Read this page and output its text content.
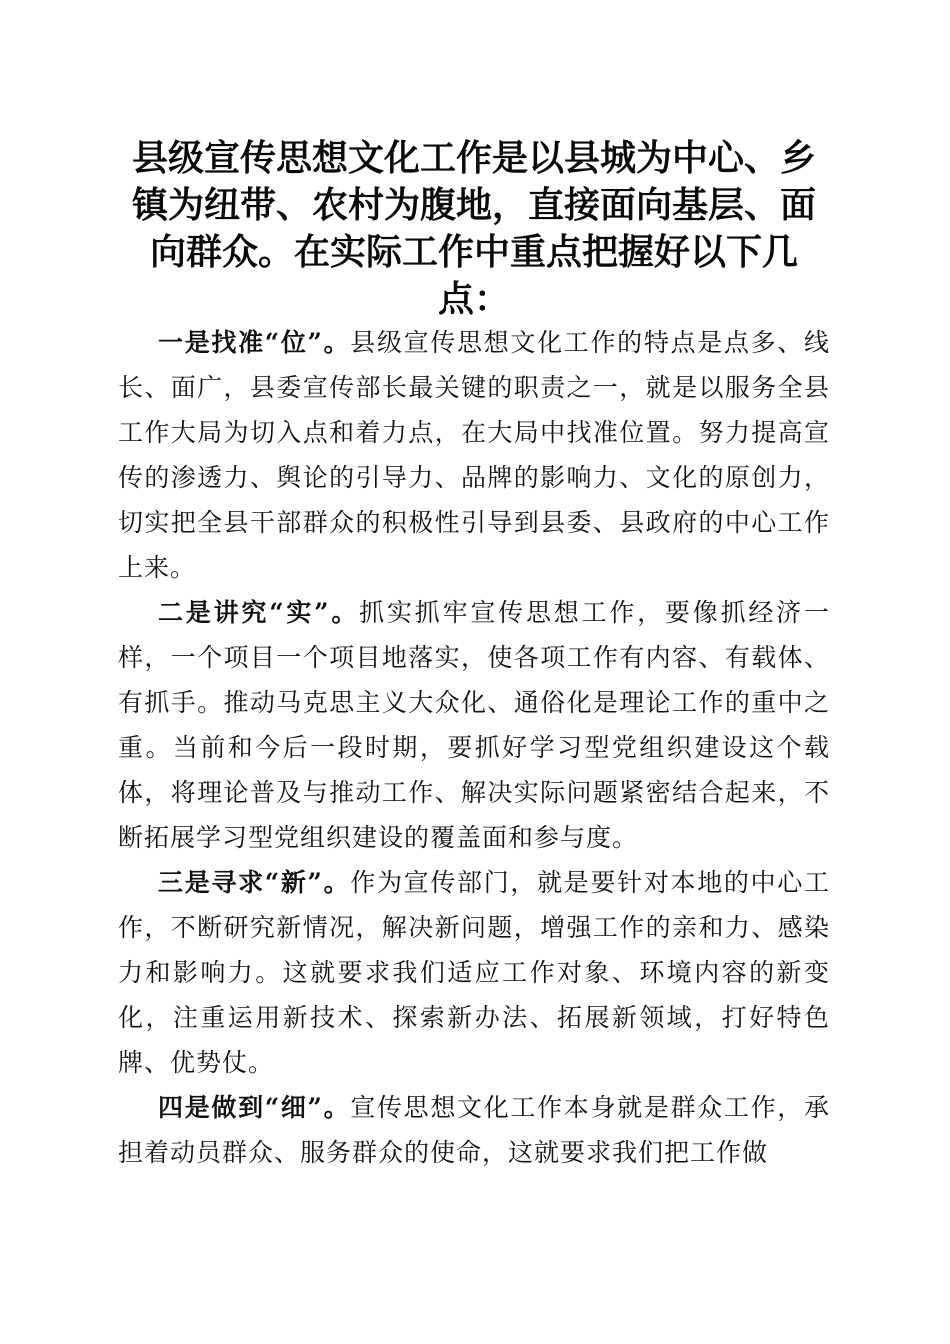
县级宣传思想文化工作是以县城为中心、乡镇为纽带、农村为腹地，直接面向基层、面向群众。在实际工作中重点把握好以下几点：

一是找准“位”。县级宣传思想文化工作的特点是点多、线长、面广，县委宣传部长最关键的职责之一，就是以服务全县工作大局为切入点和着力点，在大局中找准位置。努力提高宣传的渗透力、舆论的引导力、品牌的影响力、文化的原创力，切实把全县干部群众的积极性引导到县委、县政府的中心工作上来。

二是讲究“实”。抓实抓牢宣传思想工作，要像抓经济一样，一个项目一个项目地落实，使各项工作有内容、有载体、有抓手。推动马克思主义大众化、通俗化是理论工作的重中之重。当前和今后一段时期，要抓好学习型党组织建设这个载体，将理论普及与推动工作、解决实际问题紧密结合起来，不断拓展学习型党组织建设的覆盖面和参与度。

三是寻求“新”。作为宣传部门，就是要针对本地的中心工作，不断研究新情况，解决新问题，增强工作的亲和力、感染力和影响力。这就要求我们适应工作对象、环境内容的新变化，注重运用新技术、探索新办法、拓展新领域，打好特色牌、优势仗。

四是做到“细”。宣传思想文化工作本身就是群众工作，承担着动员群众、服务群众的使命，这就要求我们把工作做
